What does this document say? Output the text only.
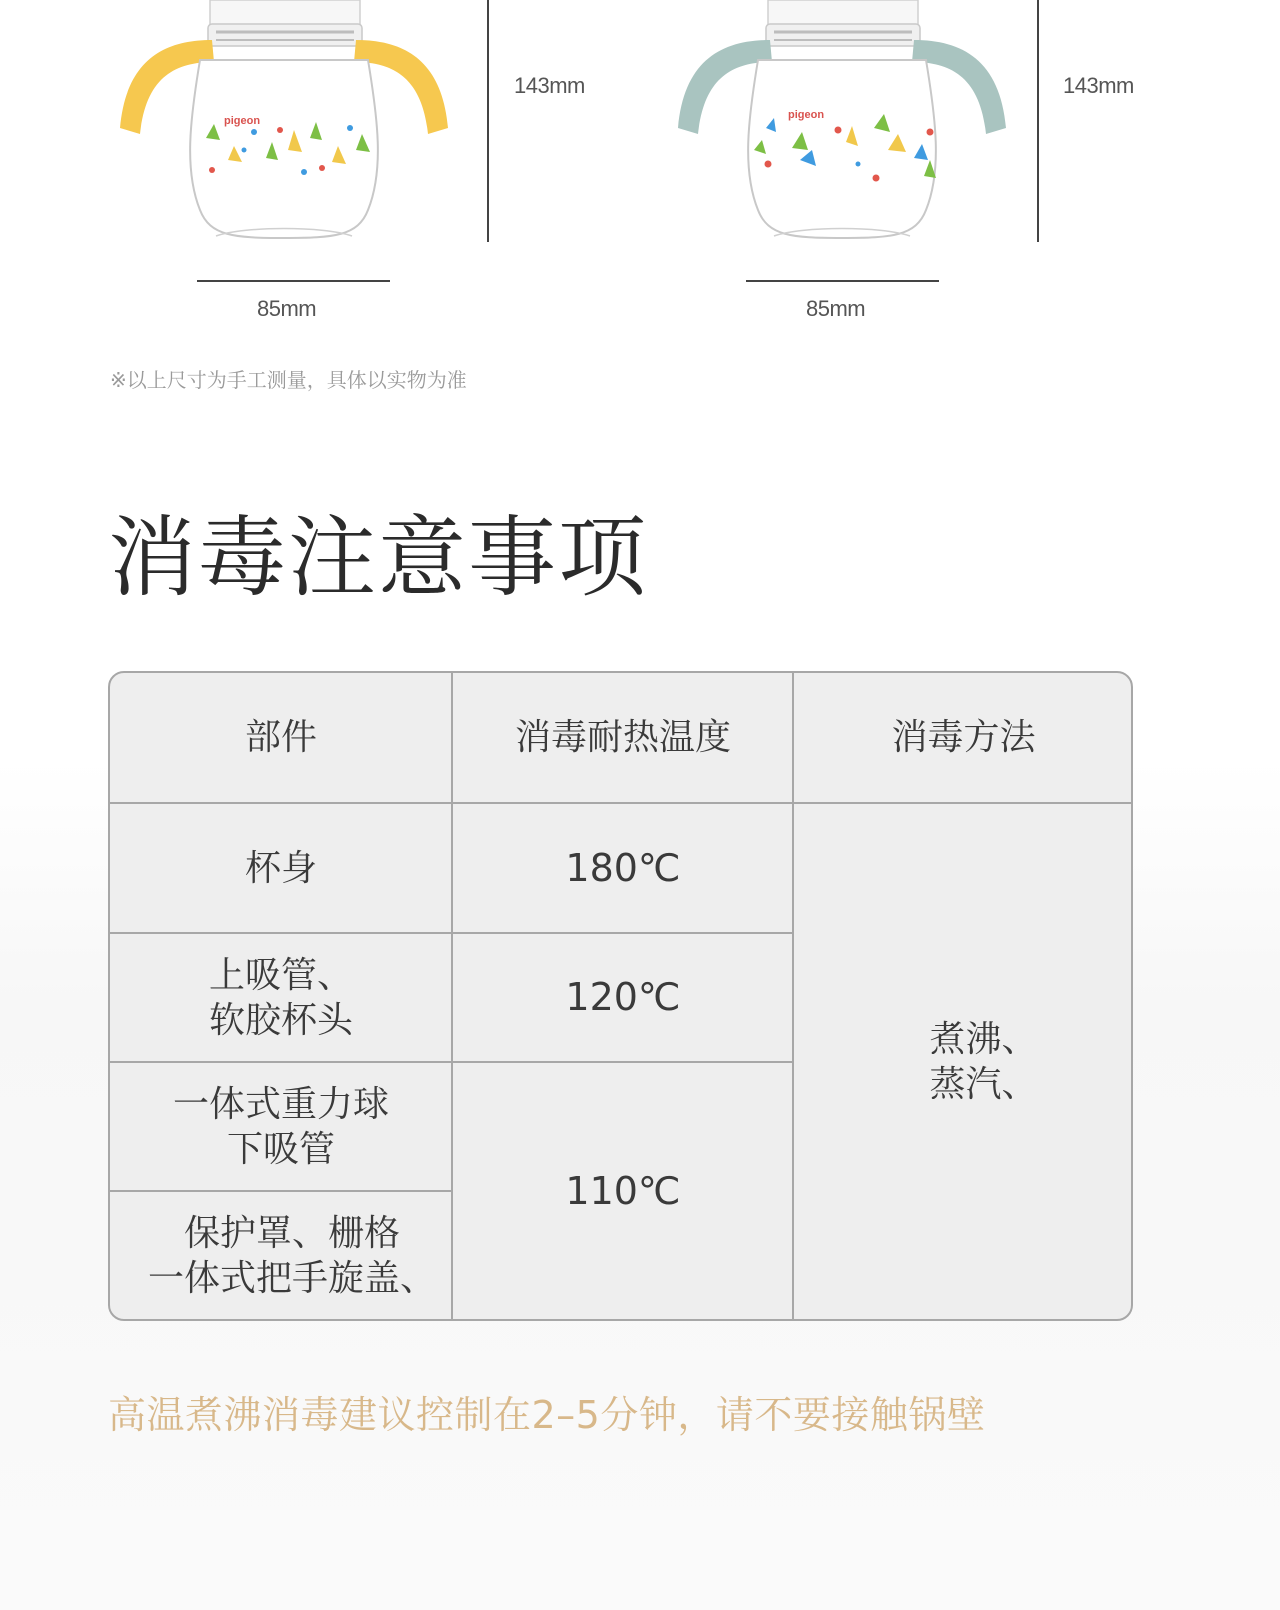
pigeon
143mm
85mm
pigeon
143mm
85mm
※以上尺寸为手工测量，具体以实物为准
消毒注意事项
部件	消毒耐热温度	消毒方法
杯身
上吸管、
软胶杯头
一体式重力球
下吸管
保护罩、栅格
一体式把手旋盖、
180℃
120℃
110℃
煮沸、
蒸汽、
高温煮沸消毒建议控制在2–5分钟，请不要接触锅壁
